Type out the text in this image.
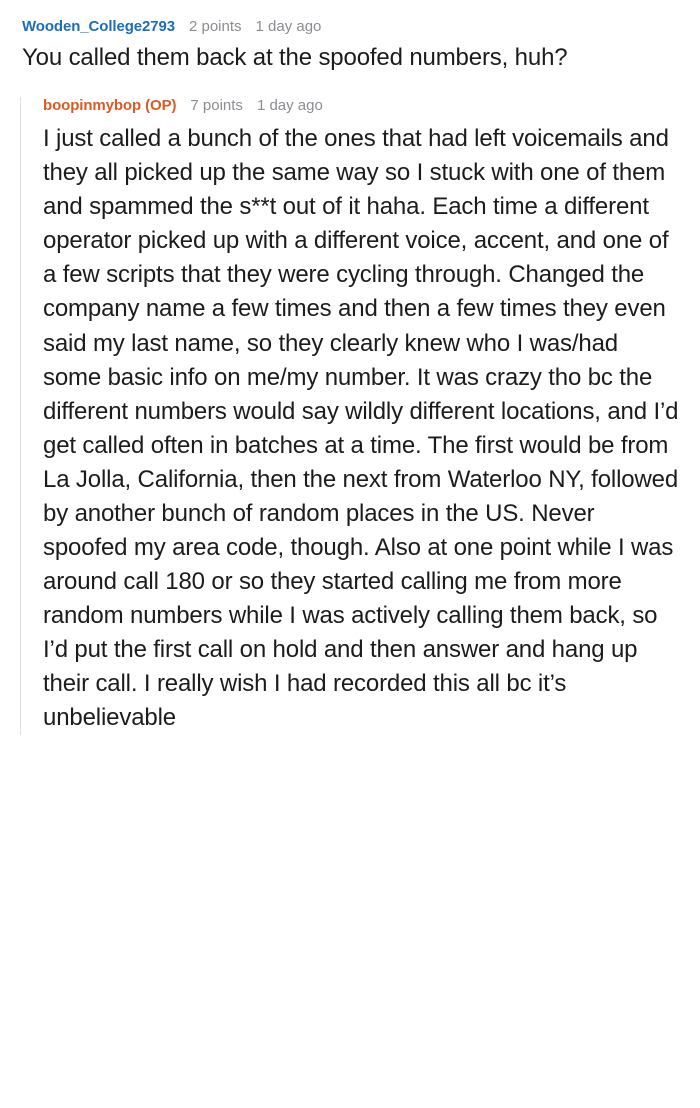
Wooden_College2793 2 points 1 day ago

You called them back at the spoofed numbers, huh?

boopinmybop (OP) 7 points 1 day ago

I just called a bunch of the ones that had left voicemails and they all picked up the same way so I stuck with one of them and spammed the s**t out of it haha. Each time a different operator picked up with a different voice, accent, and one of a few scripts that they were cycling through. Changed the company name a few times and then a few times they even said my last name, so they clearly knew who I was/had some basic info on me/my number. It was crazy tho bc the different numbers would say wildly different locations, and I’d get called often in batches at a time. The first would be from La Jolla, California, then the next from Waterloo NY, followed by another bunch of random places in the US. Never spoofed my area code, though. Also at one point while I was around call 180 or so they started calling me from more random numbers while I was actively calling them back, so I’d put the first call on hold and then answer and hang up their call. I really wish I had recorded this all bc it’s unbelievable
